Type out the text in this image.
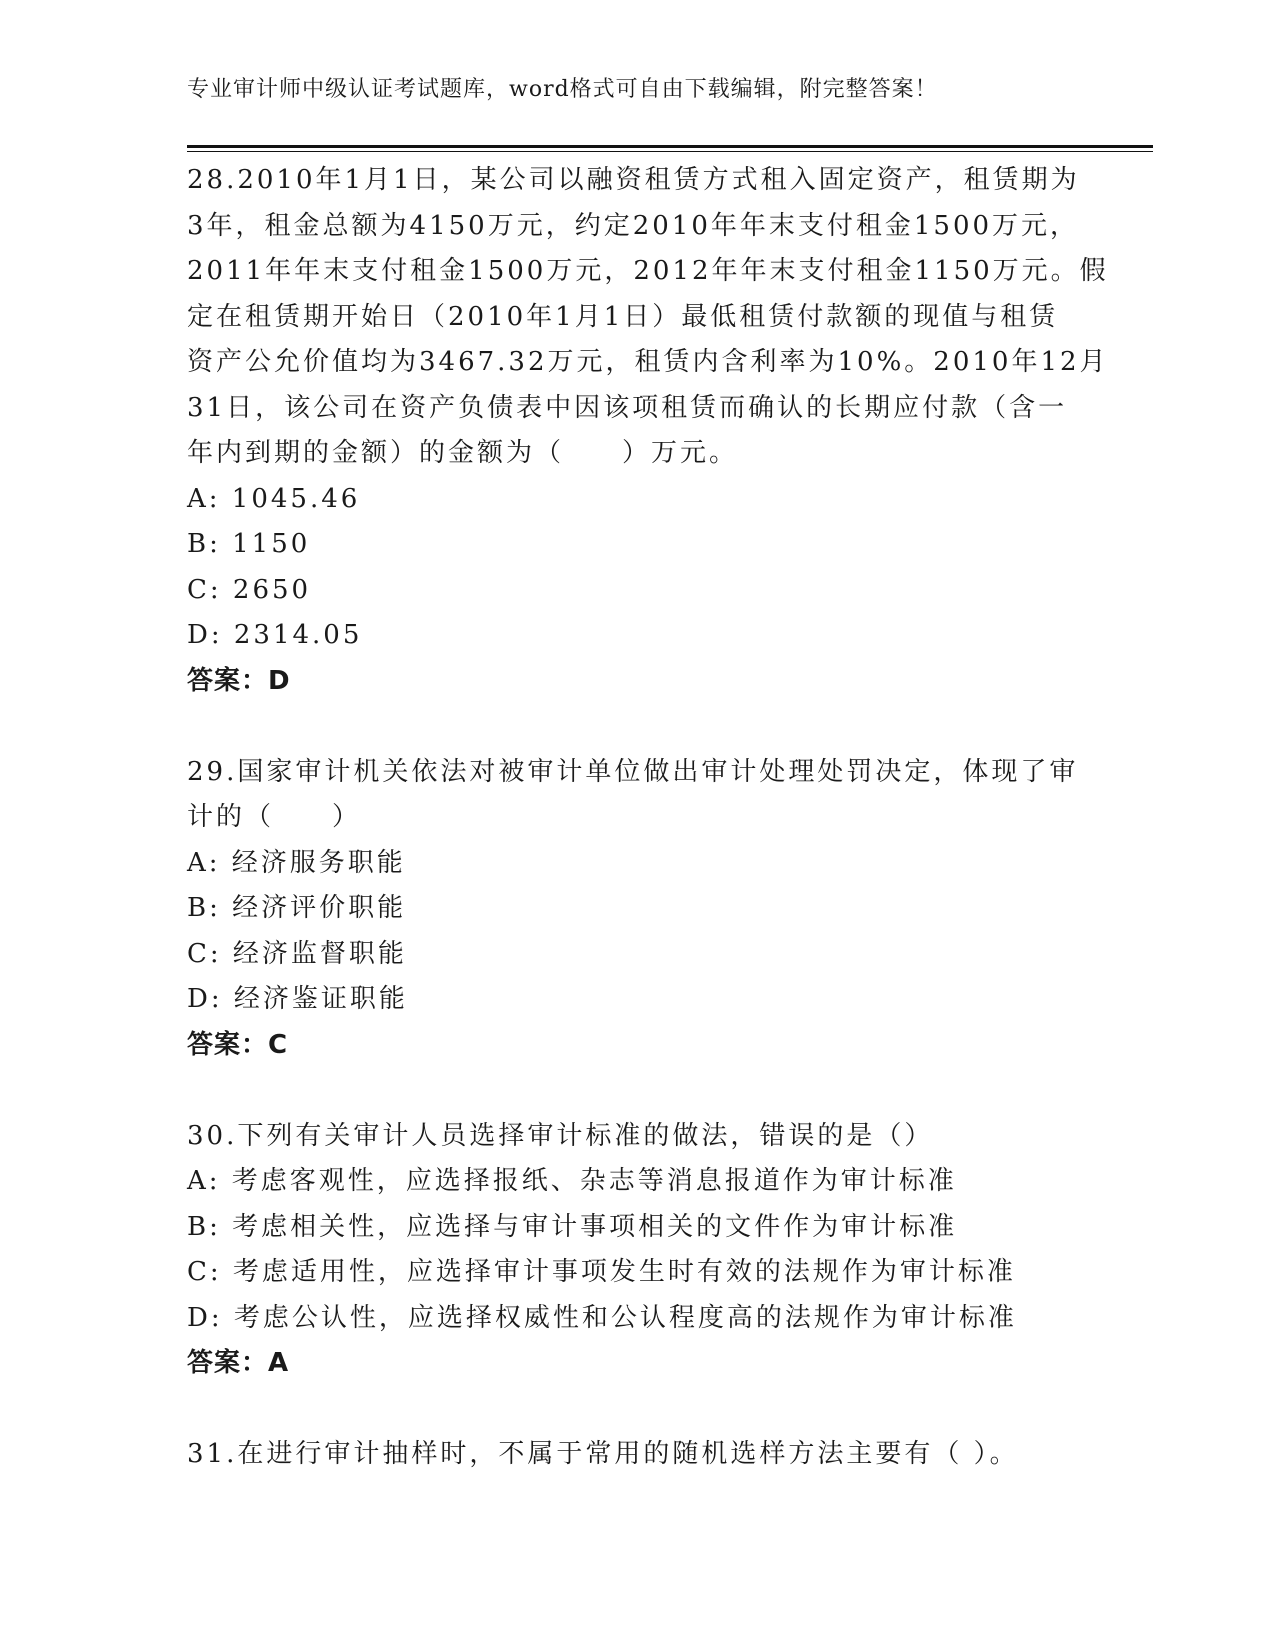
专业审计师中级认证考试题库，word格式可自由下载编辑，附完整答案！
28.2010年1月1日，某公司以融资租赁方式租入固定资产，租赁期为
3年，租金总额为4150万元，约定2010年年末支付租金1500万元，
2011年年末支付租金1500万元，2012年年末支付租金1150万元。假
定在租赁期开始日（2010年1月1日）最低租赁付款额的现值与租赁
资产公允价值均为3467.32万元，租赁内含利率为10%。2010年12月
31日，该公司在资产负债表中因该项租赁而确认的长期应付款（含一
年内到期的金额）的金额为（　　）万元。
A: 1045.46
B: 1150
C: 2650
D: 2314.05
答案：D
29.国家审计机关依法对被审计单位做出审计处理处罚决定，体现了审
计的（　　）
A: 经济服务职能
B: 经济评价职能
C: 经济监督职能
D: 经济鉴证职能
答案：C
30.下列有关审计人员选择审计标准的做法，错误的是（）
A: 考虑客观性，应选择报纸、杂志等消息报道作为审计标准
B: 考虑相关性，应选择与审计事项相关的文件作为审计标准
C: 考虑适用性，应选择审计事项发生时有效的法规作为审计标准
D: 考虑公认性，应选择权威性和公认程度高的法规作为审计标准
答案：A
31.在进行审计抽样时，不属于常用的随机选样方法主要有（ ）。
